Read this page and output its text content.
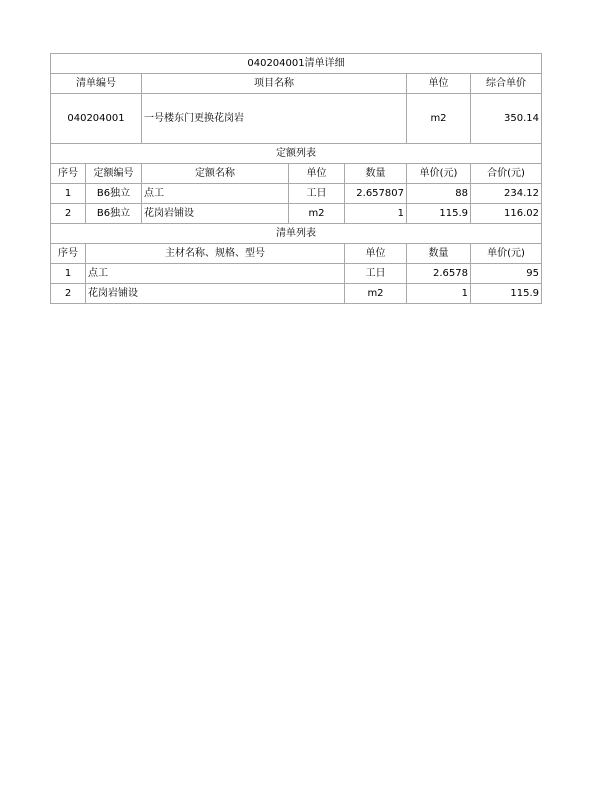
040204001清单详细							
清单编号		项目名称			单位	综合单价	
040204001		一号楼东门更换花岗岩			m2	350.14	
定额列表							
序号	定额编号	定额名称	单位	数量	单价(元)	合价(元)	
1	B6独立	点工	工日	2.657807	88	234.12	
2	B6独立	花岗岩铺设	m2	1	115.9	116.02	
清单列表							
序号	主材名称、规格、型号			单位	数量	单价(元)	
1	点工			工日	2.6578	95	
2	花岗岩铺设			m2	1	115.9	
